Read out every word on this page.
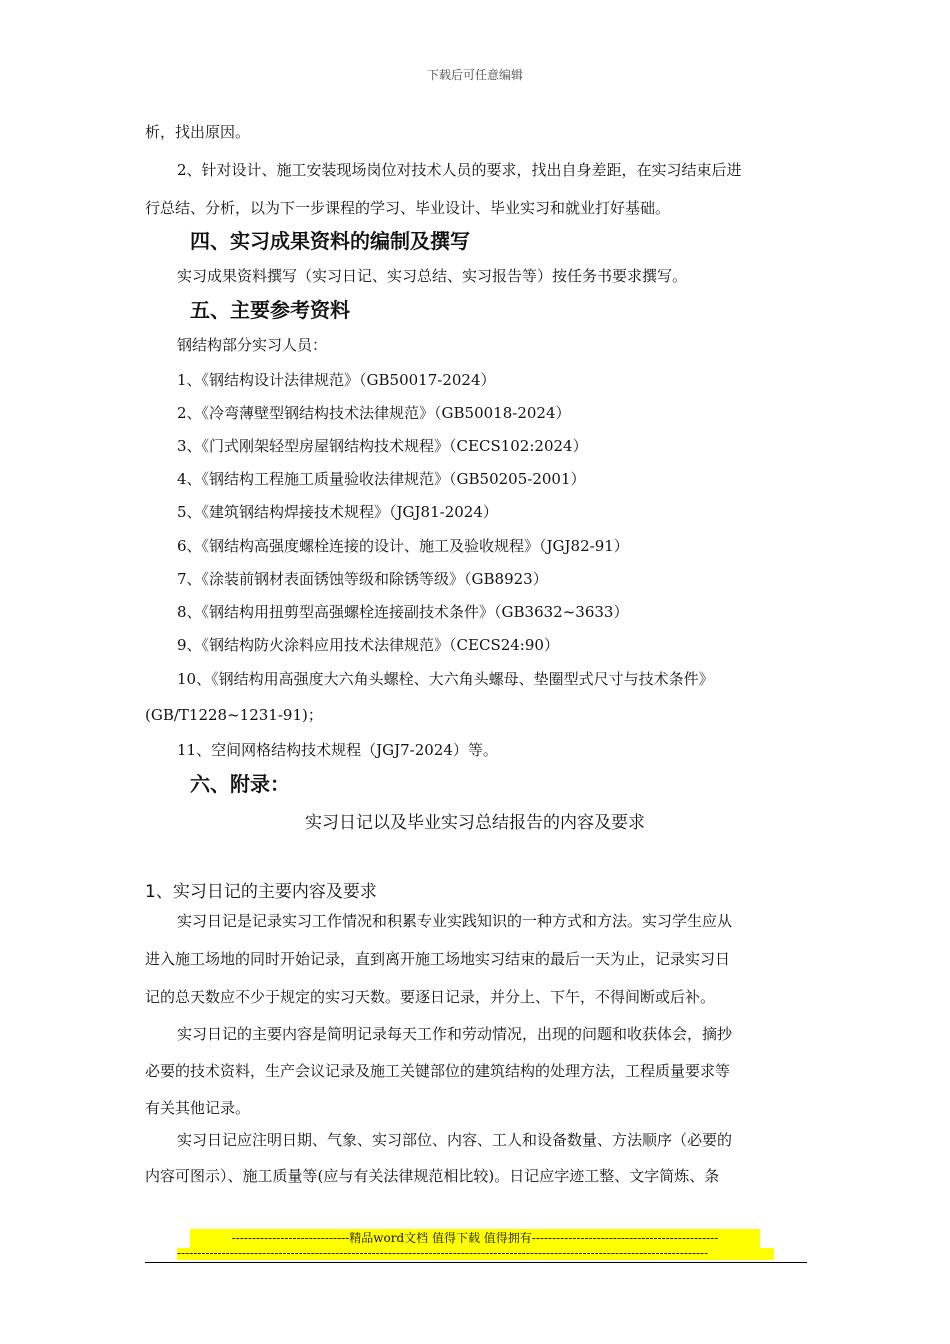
下载后可任意编辑
析，找出原因。
2、针对设计、施工安装现场岗位对技术人员的要求，找出自身差距，在实习结束后进
行总结、分析，以为下一步课程的学习、毕业设计、毕业实习和就业打好基础。
四、实习成果资料的编制及撰写
实习成果资料撰写（实习日记、实习总结、实习报告等）按任务书要求撰写。
五、主要参考资料
钢结构部分实习人员：
1、《钢结构设计法律规范》（GB50017-2024）
2、《冷弯薄壁型钢结构技术法律规范》（GB50018-2024）
3、《门式刚架轻型房屋钢结构技术规程》（CECS102:2024）
4、《钢结构工程施工质量验收法律规范》（GB50205-2001）
5、《建筑钢结构焊接技术规程》（JGJ81-2024）
6、《钢结构高强度螺栓连接的设计、施工及验收规程》（JGJ82-91）
7、《涂装前钢材表面锈蚀等级和除锈等级》（GB8923）
8、《钢结构用扭剪型高强螺栓连接副技术条件》（GB3632~3633）
9、《钢结构防火涂料应用技术法律规范》（CECS24:90）
10、《钢结构用高强度大六角头螺栓、大六角头螺母、垫圈型式尺寸与技术条件》
(GB/T1228~1231-91)；
11、空间网格结构技术规程（JGJ7-2024）等。
六、附录：
实习日记以及毕业实习总结报告的内容及要求
1、实习日记的主要内容及要求
实习日记是记录实习工作情况和积累专业实践知识的一种方式和方法。实习学生应从
进入施工场地的同时开始记录，直到离开施工场地实习结束的最后一天为止，记录实习日
记的总天数应不少于规定的实习天数。要逐日记录，并分上、下午，不得间断或后补。
实习日记的主要内容是简明记录每天工作和劳动情况，出现的问题和收获体会，摘抄
必要的技术资料，生产会议记录及施工关键部位的建筑结构的处理方法，工程质量要求等
有关其他记录。
实习日记应注明日期、气象、实习部位、内容、工人和设备数量、方法顺序（必要的
内容可图示）、施工质量等(应与有关法律规范相比较)。日记应字迹工整、文字简炼、条
-----------------------------精品word文档 值得下载 值得拥有----------------------------------------------
-----------------------------------------------------------------------------------------------------------------------------------
